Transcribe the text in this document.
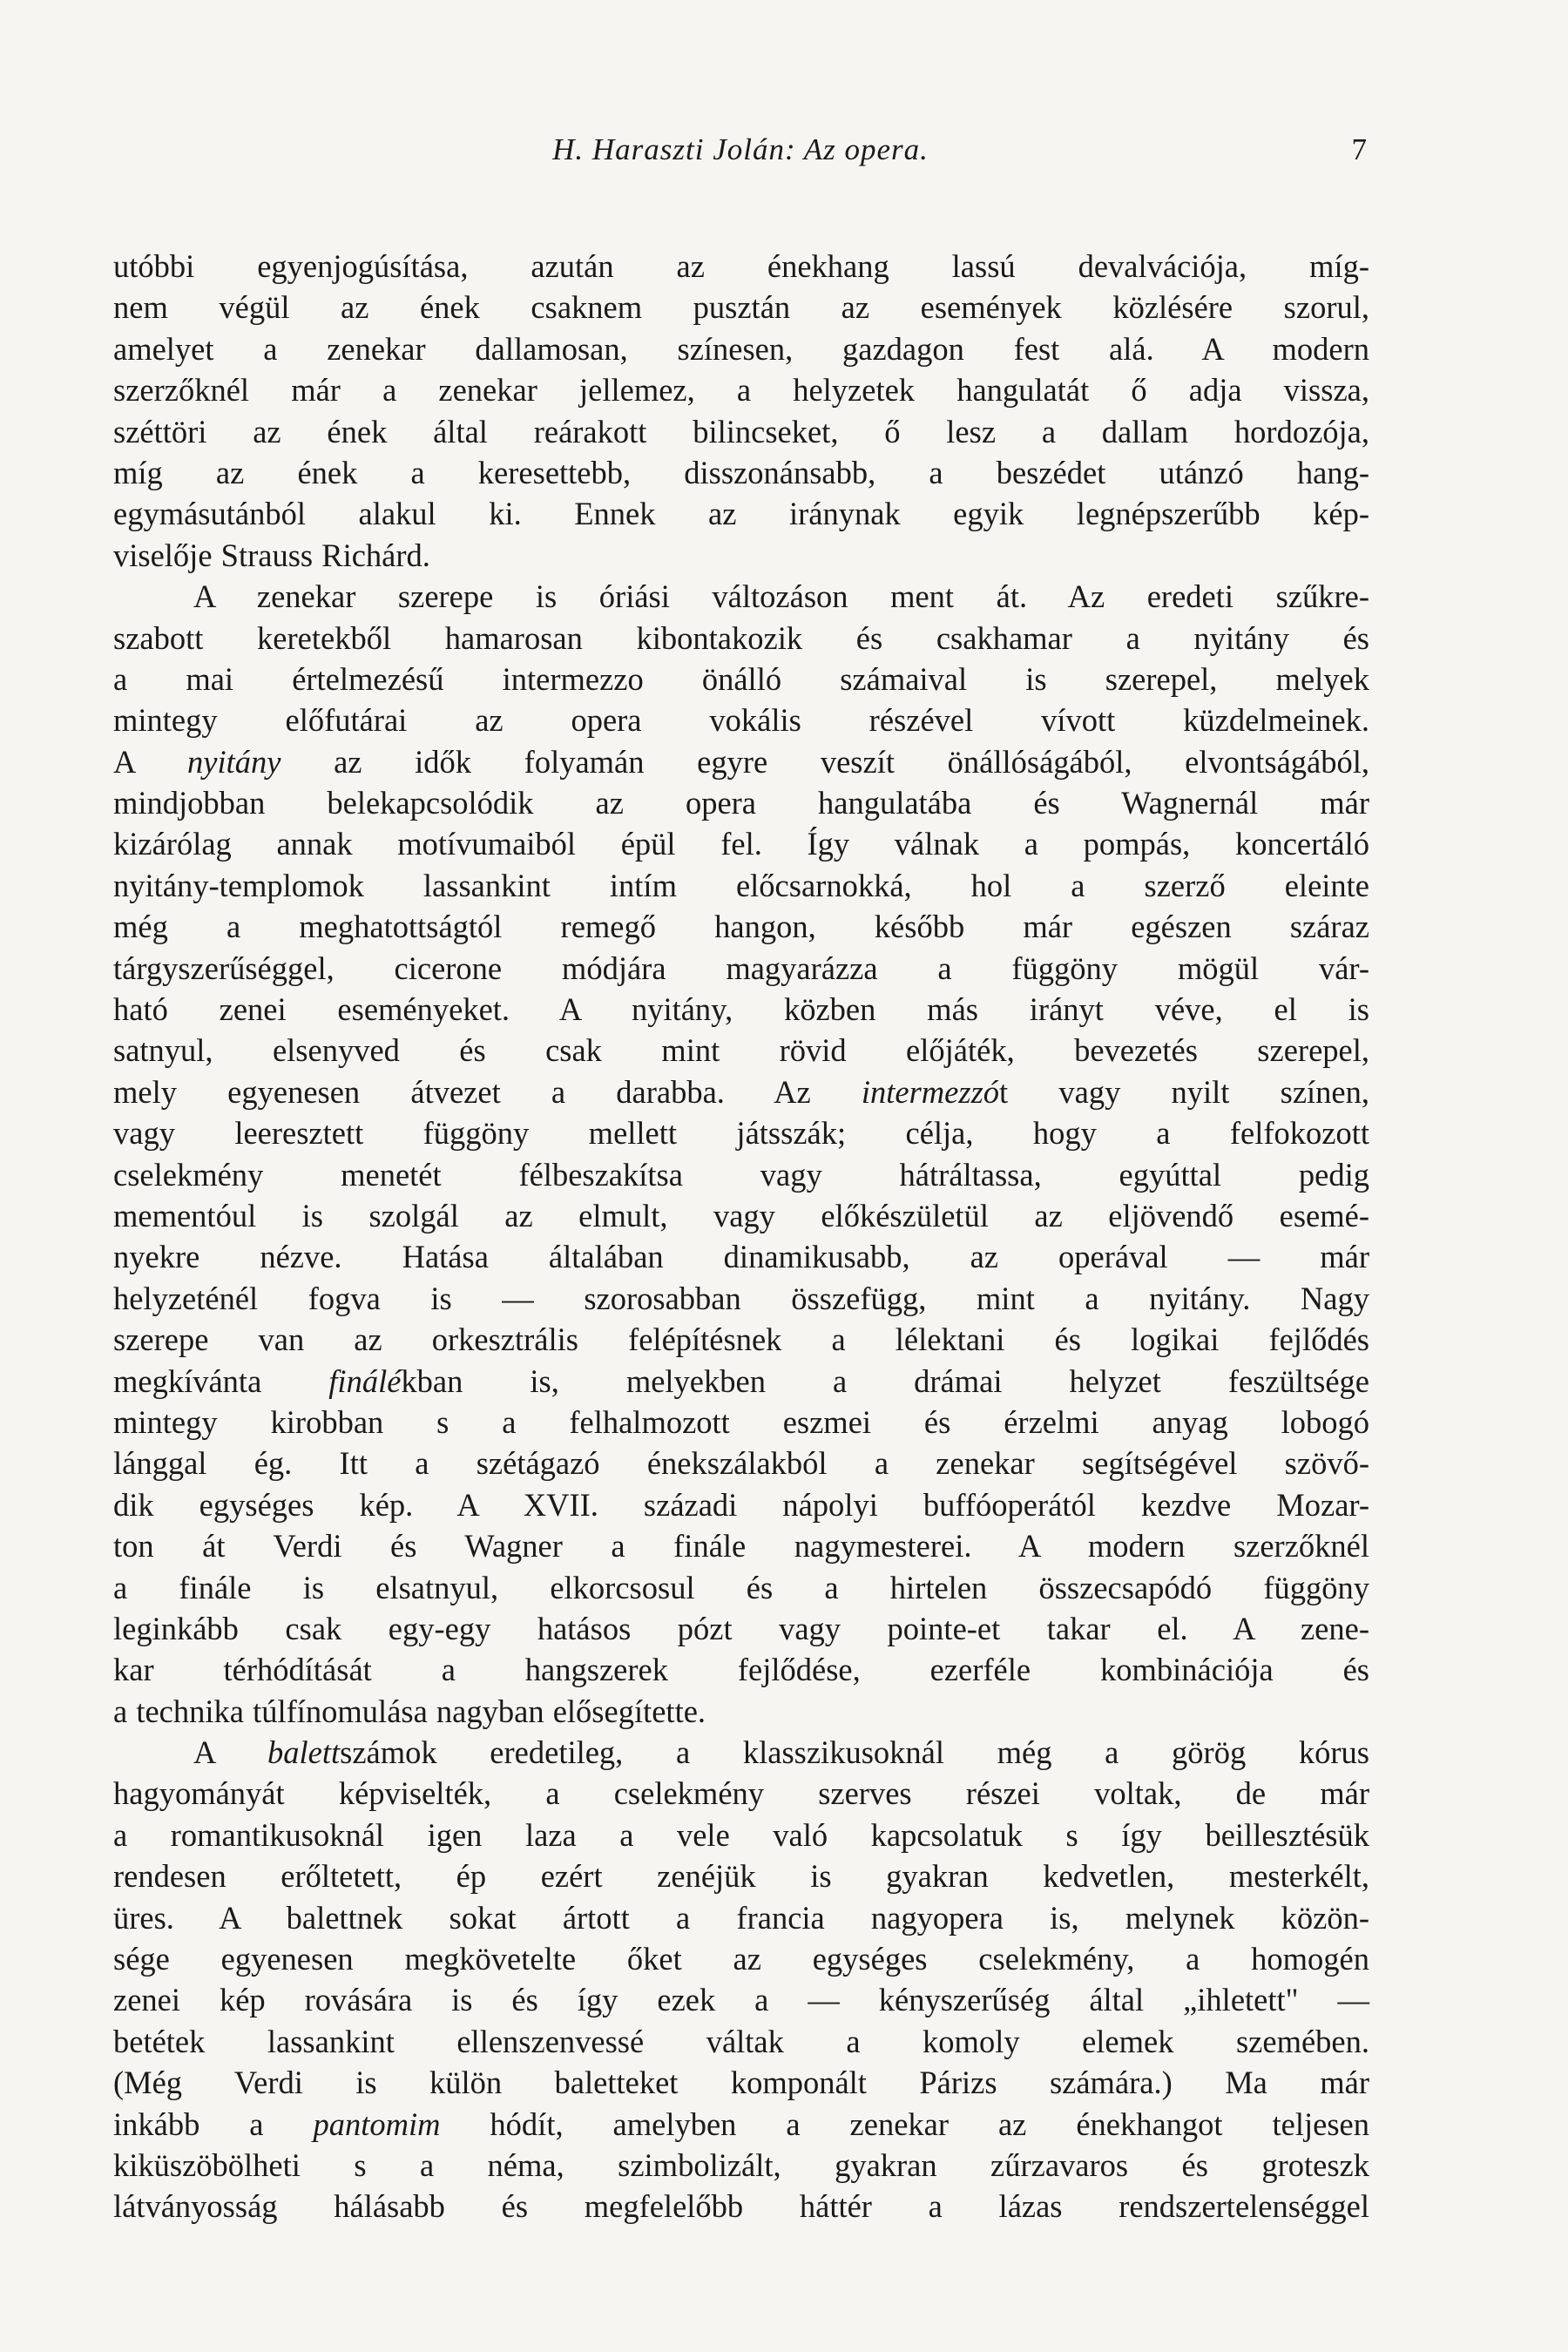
H. Haraszti Jolán: Az opera.	7
utóbbi egyenjogúsítása, azután az énekhang lassú devalvációja, míg-
nem végül az ének csaknem pusztán az események közlésére szorul,
amelyet a zenekar dallamosan, színesen, gazdagon fest alá. A modern
szerzőknél már a zenekar jellemez, a helyzetek hangulatát ő adja vissza,
széttöri az ének által reárakott bilincseket, ő lesz a dallam hordozója,
míg az ének a keresettebb, disszonánsabb, a beszédet utánzó hang-
egymásutánból alakul ki. Ennek az iránynak egyik legnépszerűbb kép-
viselője Strauss Richárd.
A zenekar szerepe is óriási változáson ment át. Az eredeti szűkre-
szabott keretekből hamarosan kibontakozik és csakhamar a nyitány és
a mai értelmezésű intermezzo önálló számaival is szerepel, melyek
mintegy előfutárai az opera vokális részével vívott küzdelmeinek.
A nyitány az idők folyamán egyre veszít önállóságából, elvontságából,
mindjobban belekapcsolódik az opera hangulatába és Wagnernál már
kizárólag annak motívumaiból épül fel. Így válnak a pompás, koncertáló
nyitány-templomok lassankint intím előcsarnokká, hol a szerző eleinte
még a meghatottságtól remegő hangon, később már egészen száraz
tárgyszerűséggel, cicerone módjára magyarázza a függöny mögül vár-
ható zenei eseményeket. A nyitány, közben más irányt véve, el is
satnyul, elsenyved és csak mint rövid előjáték, bevezetés szerepel,
mely egyenesen átvezet a darabba. Az intermezzót vagy nyilt színen,
vagy leeresztett függöny mellett játsszák; célja, hogy a felfokozott
cselekmény menetét félbeszakítsa vagy hátráltassa, egyúttal pedig
mementóul is szolgál az elmult, vagy előkészületül az eljövendő esemé-
nyekre nézve. Hatása általában dinamikusabb, az operával — már
helyzeténél fogva is — szorosabban összefügg, mint a nyitány. Nagy
szerepe van az orkesztrális felépítésnek a lélektani és logikai fejlődés
megkívánta finálékban is, melyekben a drámai helyzet feszültsége
mintegy kirobban s a felhalmozott eszmei és érzelmi anyag lobogó
lánggal ég. Itt a szétágazó énekszálakból a zenekar segítségével szövő-
dik egységes kép. A XVII. századi nápolyi buffóoperától kezdve Mozar-
ton át Verdi és Wagner a finále nagymesterei. A modern szerzőknél
a finále is elsatnyul, elkorcsosul és a hirtelen összecsapódó függöny
leginkább csak egy-egy hatásos pózt vagy pointe-et takar el. A zene-
kar térhódítását a hangszerek fejlődése, ezerféle kombinációja és
a technika túlfínomulása nagyban elősegítette.
A balettszámok eredetileg, a klasszikusoknál még a görög kórus
hagyományát képviselték, a cselekmény szerves részei voltak, de már
a romantikusoknál igen laza a vele való kapcsolatuk s így beillesztésük
rendesen erőltetett, ép ezért zenéjük is gyakran kedvetlen, mesterkélt,
üres. A balettnek sokat ártott a francia nagyopera is, melynek közön-
sége egyenesen megkövetelte őket az egységes cselekmény, a homogén
zenei kép rovására is és így ezek a — kényszerűség által „ihletett" —
betétek lassankint ellenszenvessé váltak a komoly elemek szemében.
(Még Verdi is külön baletteket komponált Párizs számára.) Ma már
inkább a pantomim hódít, amelyben a zenekar az énekhangot teljesen
kiküszöbölheti s a néma, szimbolizált, gyakran zűrzavaros és groteszk
látványosság hálásabb és megfelelőbb háttér a lázas rendszertelenséggel
